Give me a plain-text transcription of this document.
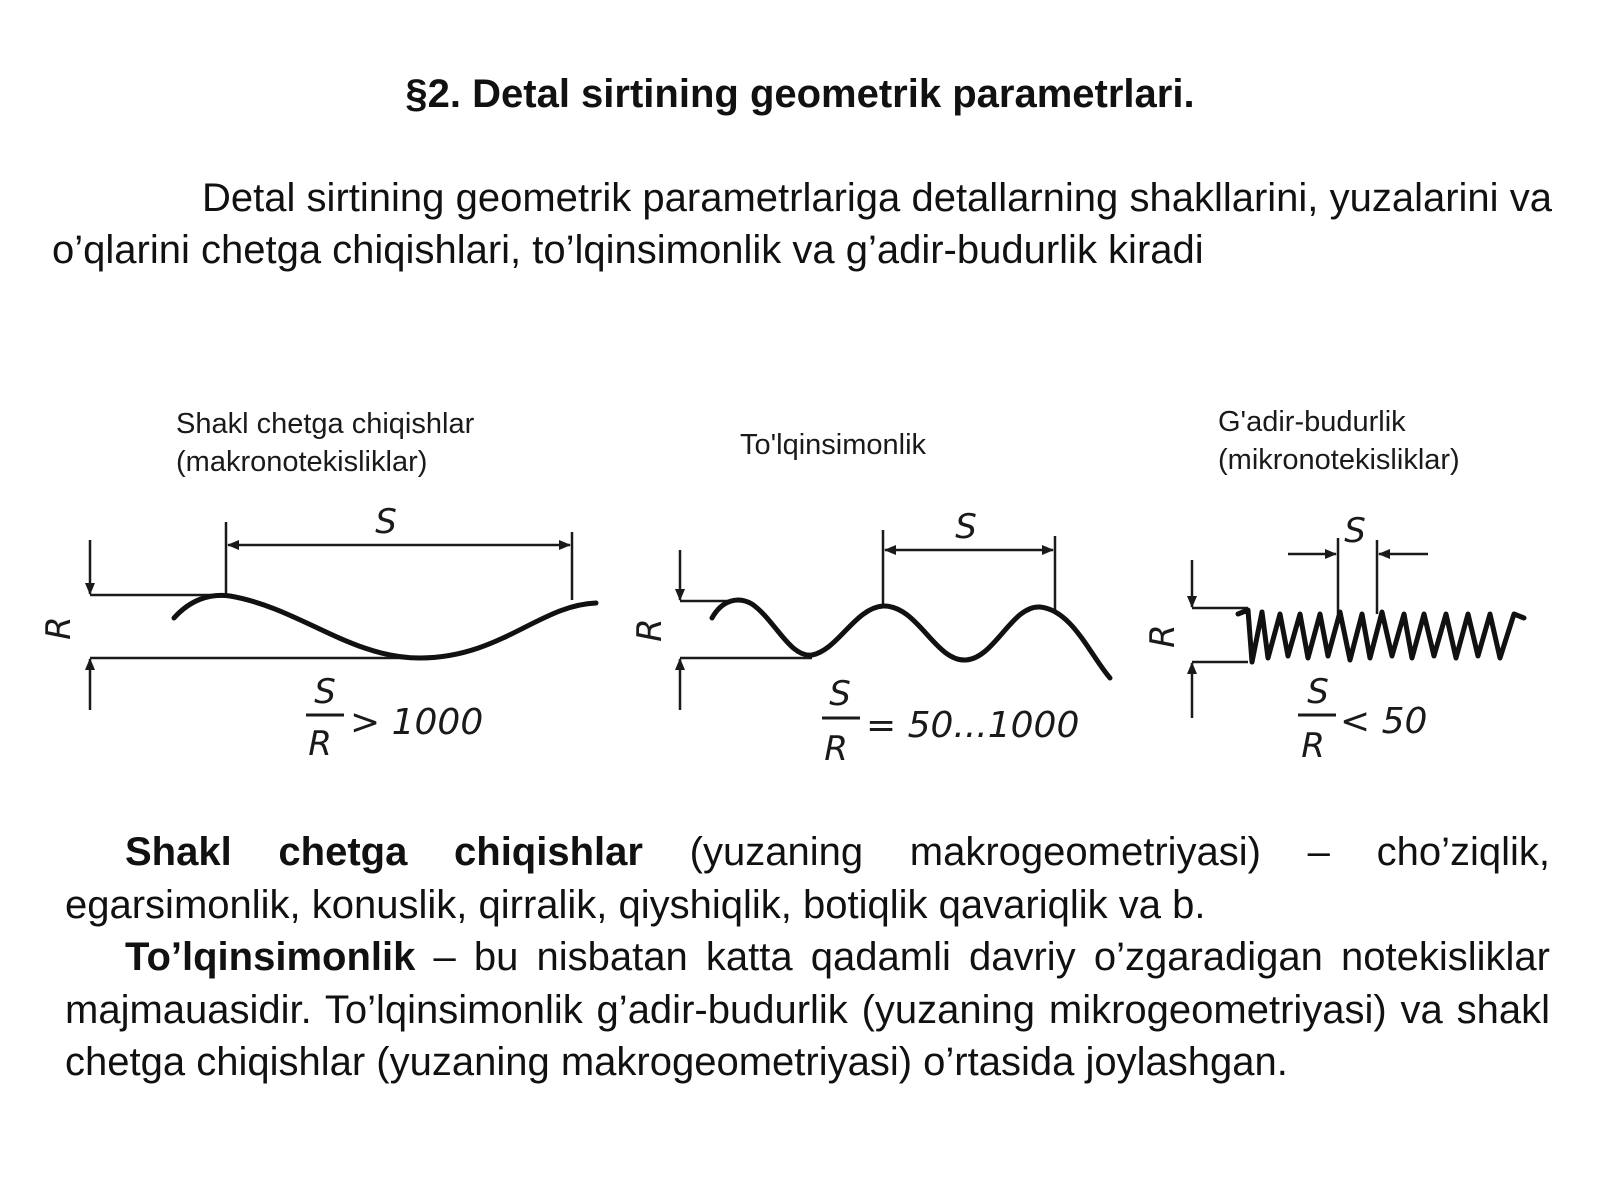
§2. Detal sirtining geometrik parametrlari.

Detal sirtining geometrik parametrlariga detallarning shakllarini, yuzalarini va o’qlarini chetga chiqishlari, to’lqinsimonlik va g’adir-budurlik kiradi

Shakl chetga chiqishlar
(makronotekisliklar)
R
S
S
R
> 1000
To'lqinsimonlik
R
S
S
R
= 50...1000
G'adir-budurlik
(mikronotekisliklar)
R
S
S
R
< 50

Shakl chetga chiqishlar (yuzaning makrogeometriyasi) – cho’ziqlik, egarsimonlik, konuslik, qirralik, qiyshiqlik, botiqlik qavariqlik va b.

To’lqinsimonlik – bu nisbatan katta qadamli davriy o’zgaradigan notekisliklar majmauasidir. To’lqinsimonlik g’adir-budurlik (yuzaning mikrogeometriyasi) va shakl chetga chiqishlar (yuzaning makrogeometriyasi) o’rtasida joylashgan.
